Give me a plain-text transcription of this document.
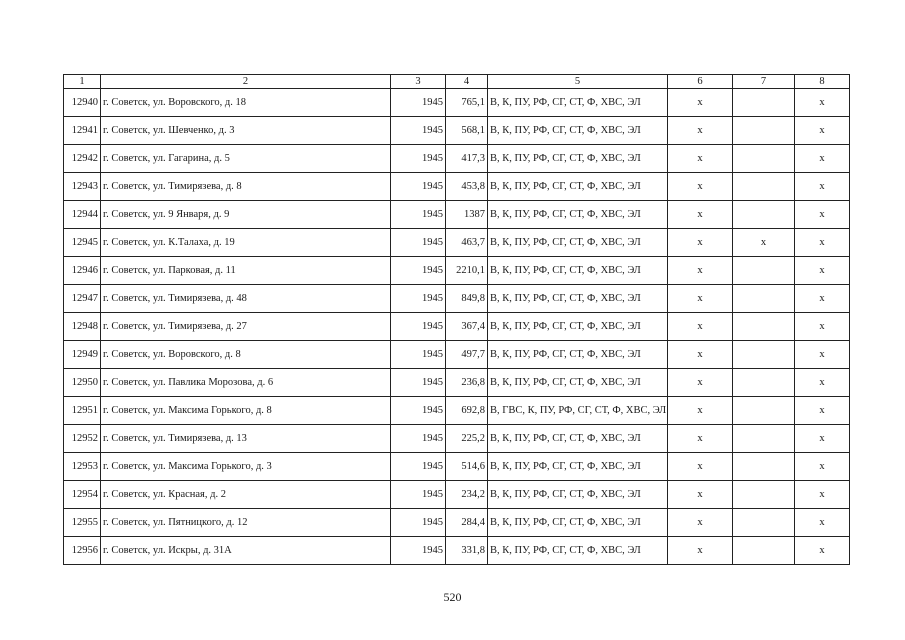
1	2	3	4	5	6	7	8
12940	г. Советск, ул. Воровского, д. 18	1945	765,1	В, К, ПУ, РФ, СГ, СТ, Ф, ХВС, ЭЛ	х		х
12941	г. Советск, ул. Шевченко, д. 3	1945	568,1	В, К, ПУ, РФ, СГ, СТ, Ф, ХВС, ЭЛ	х		х
12942	г. Советск, ул. Гагарина, д. 5	1945	417,3	В, К, ПУ, РФ, СГ, СТ, Ф, ХВС, ЭЛ	х		х
12943	г. Советск, ул. Тимирязева, д. 8	1945	453,8	В, К, ПУ, РФ, СГ, СТ, Ф, ХВС, ЭЛ	х		х
12944	г. Советск, ул. 9 Января, д. 9	1945	1387	В, К, ПУ, РФ, СГ, СТ, Ф, ХВС, ЭЛ	х		х
12945	г. Советск, ул. К.Талаха, д. 19	1945	463,7	В, К, ПУ, РФ, СГ, СТ, Ф, ХВС, ЭЛ	х	х	х
12946	г. Советск, ул. Парковая, д. 11	1945	2210,1	В, К, ПУ, РФ, СГ, СТ, Ф, ХВС, ЭЛ	х		х
12947	г. Советск, ул. Тимирязева, д. 48	1945	849,8	В, К, ПУ, РФ, СГ, СТ, Ф, ХВС, ЭЛ	х		х
12948	г. Советск, ул. Тимирязева, д. 27	1945	367,4	В, К, ПУ, РФ, СГ, СТ, Ф, ХВС, ЭЛ	х		х
12949	г. Советск, ул. Воровского, д. 8	1945	497,7	В, К, ПУ, РФ, СГ, СТ, Ф, ХВС, ЭЛ	х		х
12950	г. Советск, ул. Павлика Морозова, д. 6	1945	236,8	В, К, ПУ, РФ, СГ, СТ, Ф, ХВС, ЭЛ	х		х
12951	г. Советск, ул. Максима Горького, д. 8	1945	692,8	В, ГВС, К, ПУ, РФ, СГ, СТ, Ф, ХВС, ЭЛ	х		х
12952	г. Советск, ул. Тимирязева, д. 13	1945	225,2	В, К, ПУ, РФ, СГ, СТ, Ф, ХВС, ЭЛ	х		х
12953	г. Советск, ул. Максима Горького, д. 3	1945	514,6	В, К, ПУ, РФ, СГ, СТ, Ф, ХВС, ЭЛ	х		х
12954	г. Советск, ул. Красная, д. 2	1945	234,2	В, К, ПУ, РФ, СГ, СТ, Ф, ХВС, ЭЛ	х		х
12955	г. Советск, ул. Пятницкого, д. 12	1945	284,4	В, К, ПУ, РФ, СГ, СТ, Ф, ХВС, ЭЛ	х		х
12956	г. Советск, ул. Искры, д. 31А	1945	331,8	В, К, ПУ, РФ, СГ, СТ, Ф, ХВС, ЭЛ	х		х
520
